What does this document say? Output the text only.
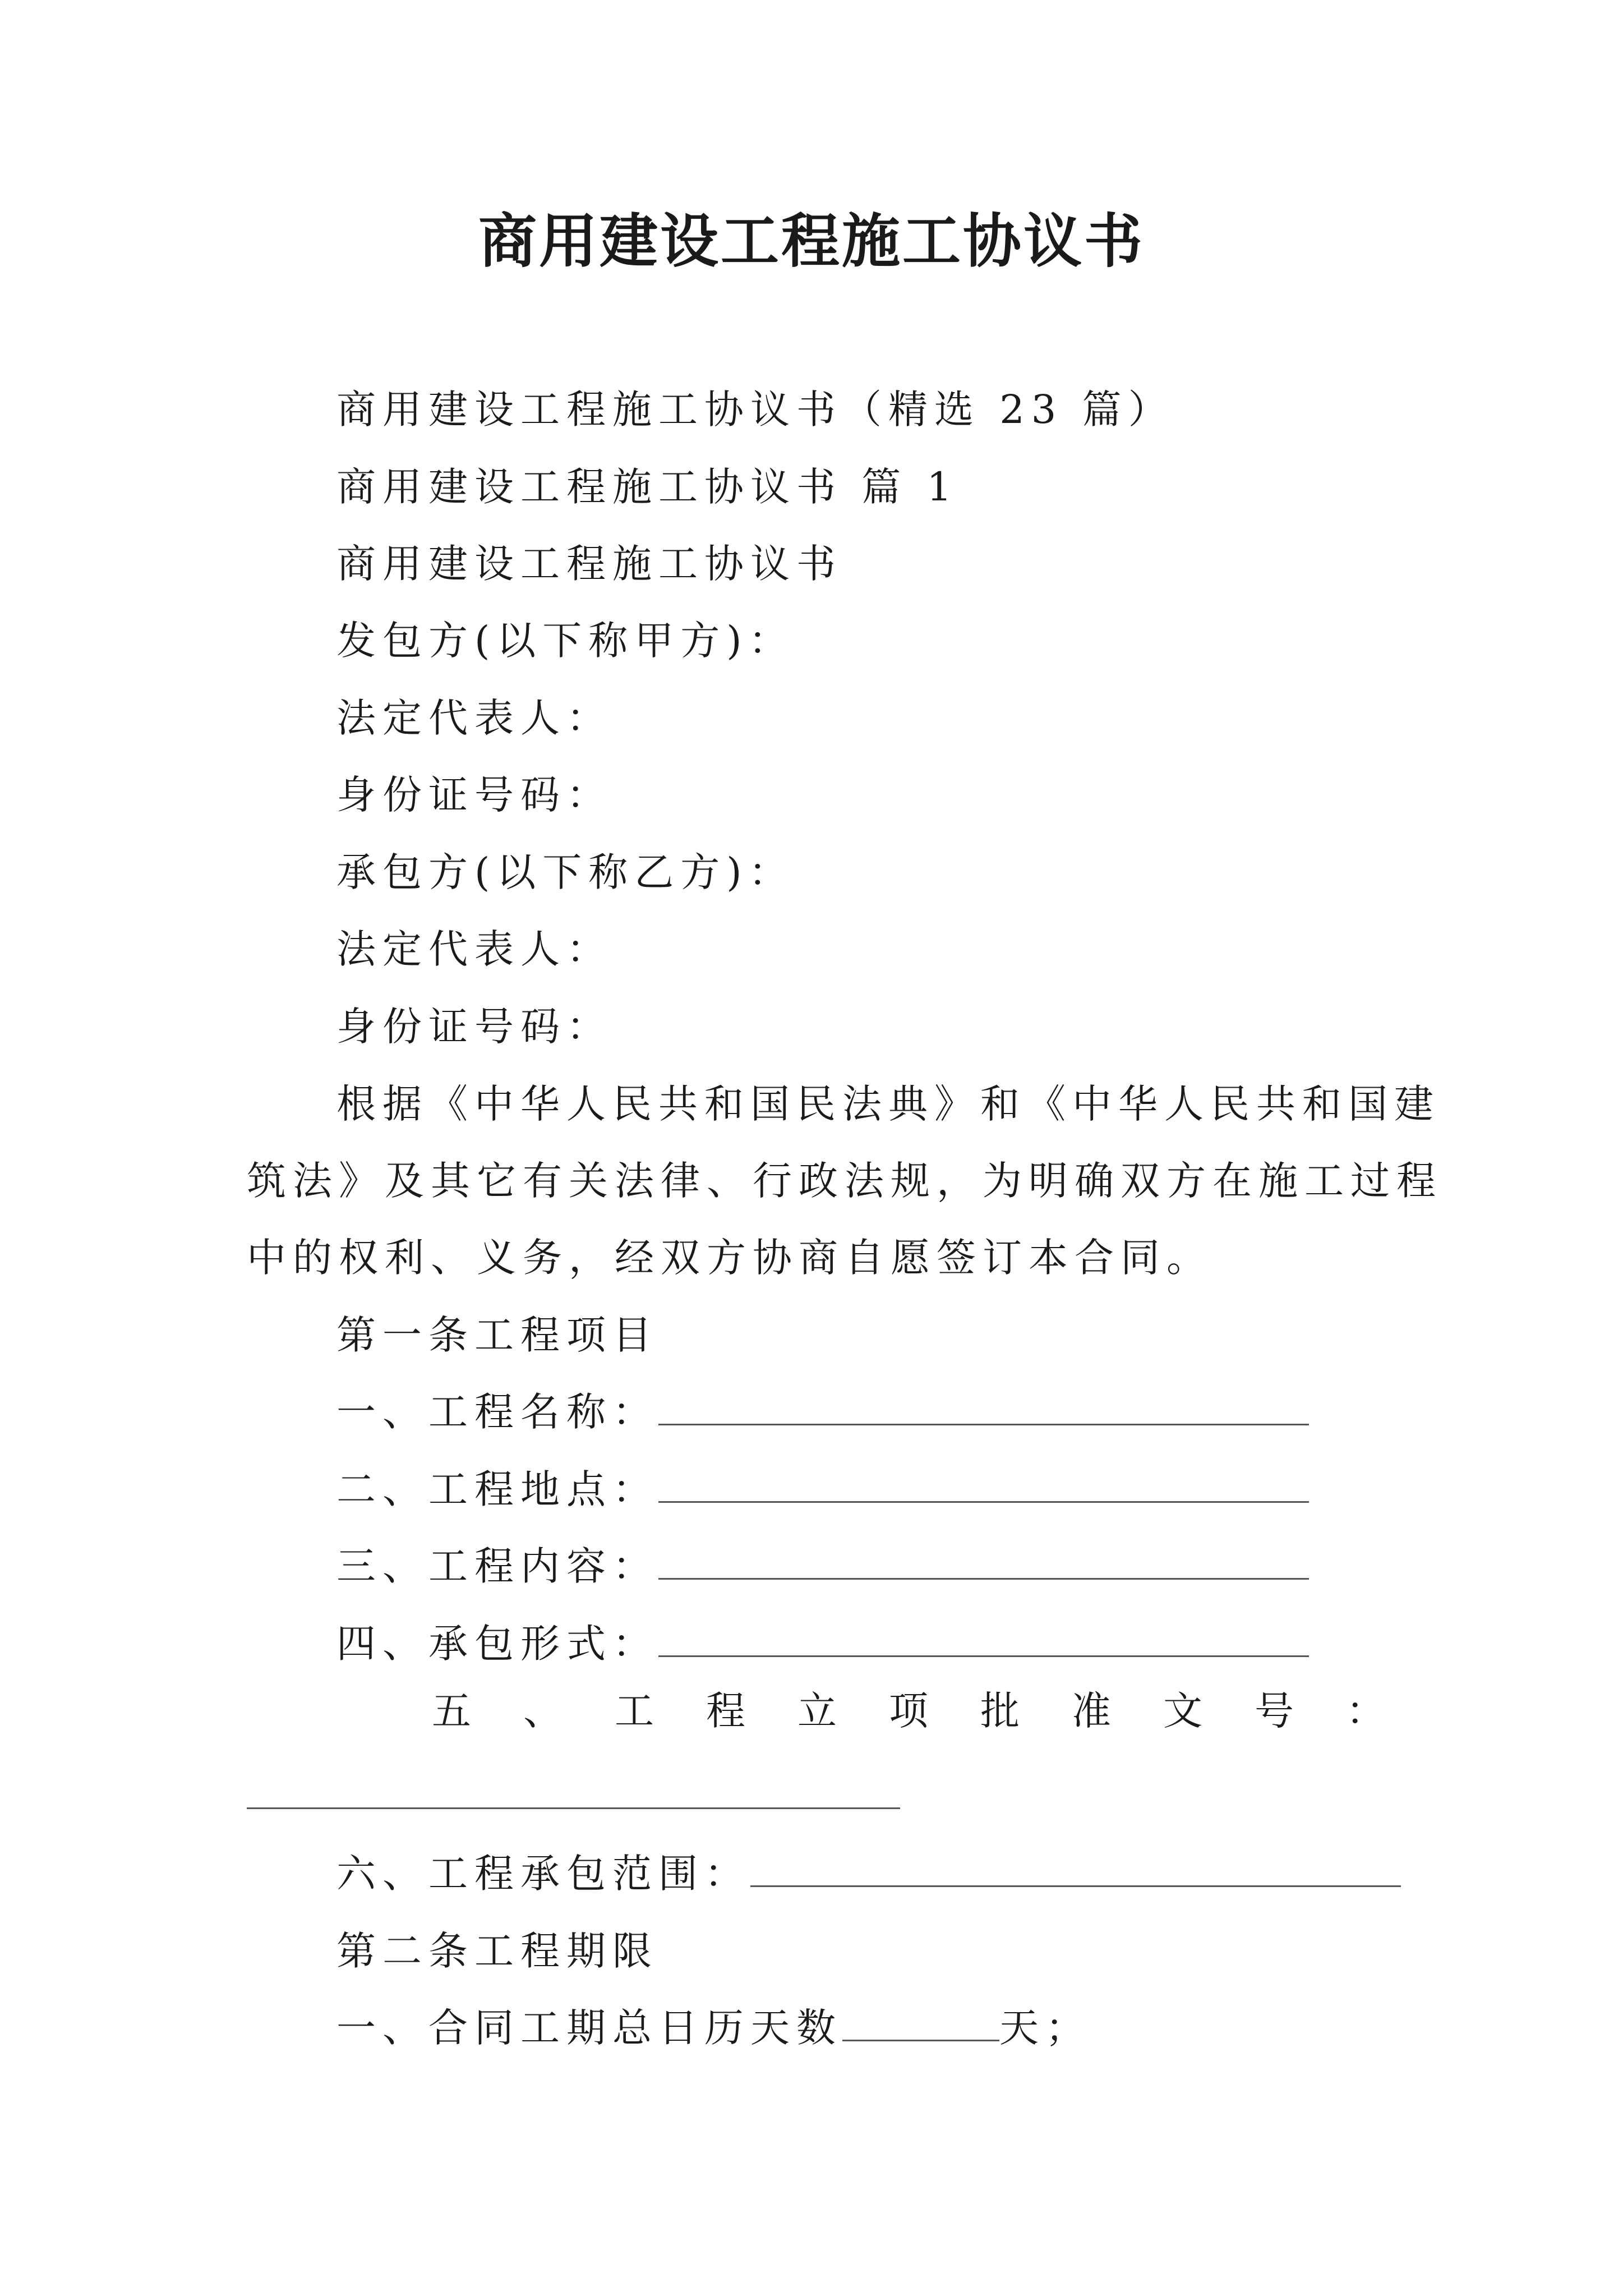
商用建设工程施工协议书
商用建设工程施工协议书（精选 23 篇）
商用建设工程施工协议书 篇 1
商用建设工程施工协议书
发包方(以下称甲方)：
法定代表人：
身份证号码：
承包方(以下称乙方)：
法定代表人：
身份证号码：
根据《中华人民共和国民法典》和《中华人民共和国建
筑法》及其它有关法律、行政法规，为明确双方在施工过程
中的权利、义务，经双方协商自愿签订本合同。
第一条工程项目
一、工程名称：
二、工程地点：
三、工程内容：
四、承包形式：
五 、 工 程 立 项 批 准 文 号 ：
六、工程承包范围：
第二条工程期限
一、合同工期总日历天数	天；
